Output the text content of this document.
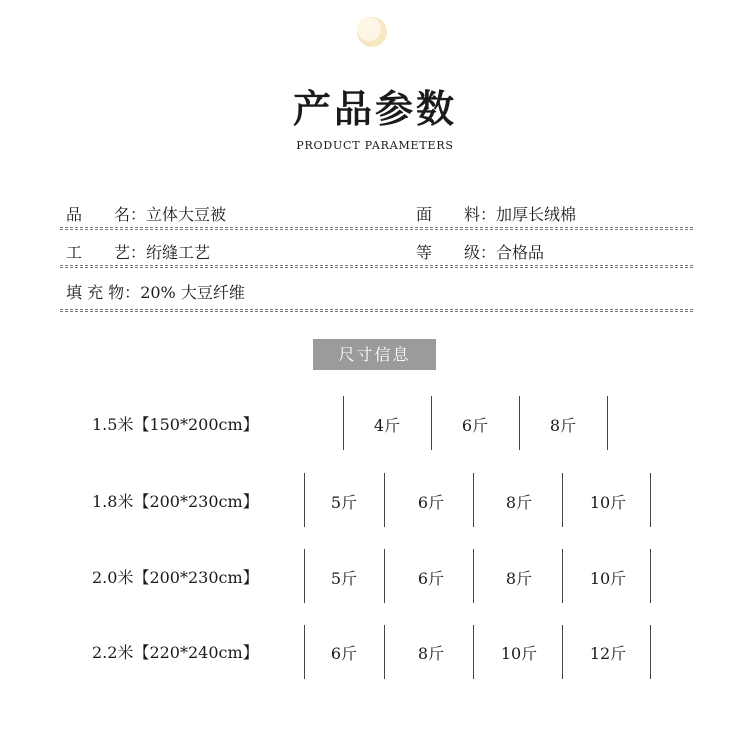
产品参数
PRODUCT PARAMETERS
品　　名：立体大豆被	面　　料：加厚长绒棉
工　　艺：绗缝工艺	等　　级：合格品
填 充 物：20% 大豆纤维
尺寸信息
1.5米【150*200cm】	4斤	6斤	8斤
1.8米【200*230cm】	5斤	6斤	8斤	10斤
2.0米【200*230cm】	5斤	6斤	8斤	10斤
2.2米【220*240cm】	6斤	8斤	10斤	12斤
